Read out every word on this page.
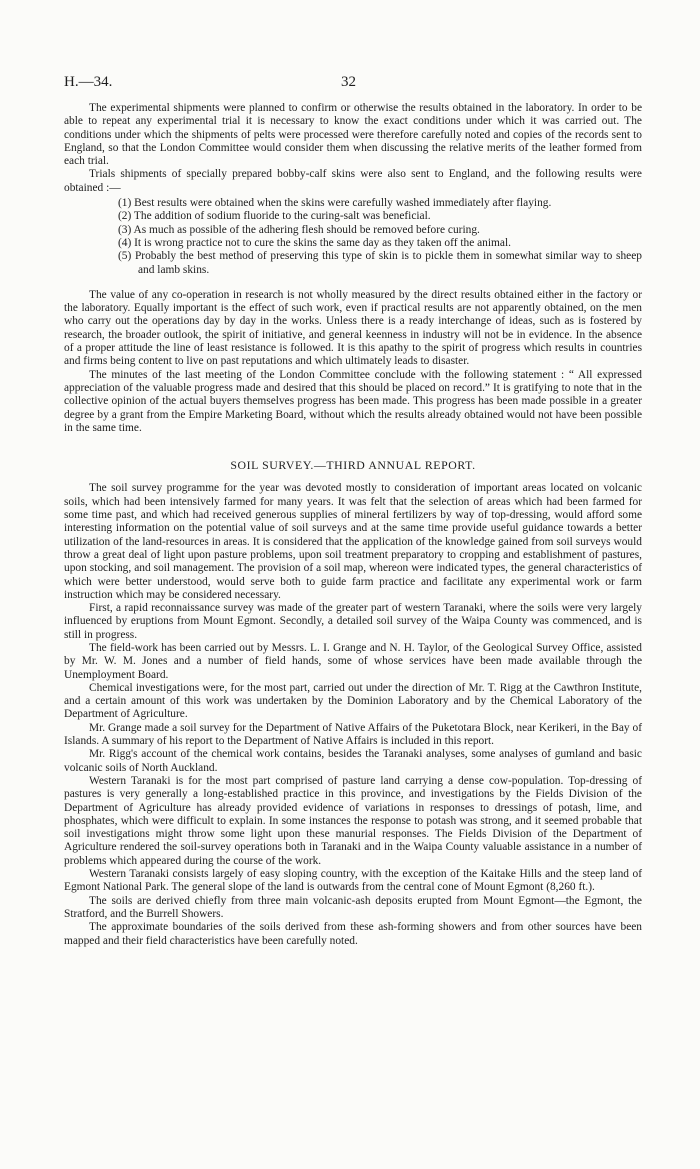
H.—34.	32

The experimental shipments were planned to confirm or otherwise the results obtained in the laboratory. In order to be able to repeat any experimental trial it is necessary to know the exact conditions under which it was carried out. The conditions under which the shipments of pelts were processed were therefore carefully noted and copies of the records sent to England, so that the London Committee would consider them when discussing the relative merits of the leather formed from each trial.

Trials shipments of specially prepared bobby-calf skins were also sent to England, and the following results were obtained :—

(1) Best results were obtained when the skins were carefully washed immediately after flaying.
(2) The addition of sodium fluoride to the curing-salt was beneficial.
(3) As much as possible of the adhering flesh should be removed before curing.
(4) It is wrong practice not to cure the skins the same day as they taken off the animal.
(5) Probably the best method of preserving this type of skin is to pickle them in somewhat similar way to sheep and lamb skins.

The value of any co-operation in research is not wholly measured by the direct results obtained either in the factory or the laboratory. Equally important is the effect of such work, even if practical results are not apparently obtained, on the men who carry out the operations day by day in the works. Unless there is a ready interchange of ideas, such as is fostered by research, the broader outlook, the spirit of initiative, and general keenness in industry will not be in evidence. In the absence of a proper attitude the line of least resistance is followed. It is this apathy to the spirit of progress which results in countries and firms being content to live on past reputations and which ultimately leads to disaster.

The minutes of the last meeting of the London Committee conclude with the following statement : “ All expressed appreciation of the valuable progress made and desired that this should be placed on record.” It is gratifying to note that in the collective opinion of the actual buyers themselves progress has been made. This progress has been made possible in a greater degree by a grant from the Empire Marketing Board, without which the results already obtained would not have been possible in the same time.

SOIL SURVEY.—THIRD ANNUAL REPORT.

The soil survey programme for the year was devoted mostly to consideration of important areas located on volcanic soils, which had been intensively farmed for many years. It was felt that the selection of areas which had been farmed for some time past, and which had received generous supplies of mineral fertilizers by way of top-dressing, would afford some interesting information on the potential value of soil surveys and at the same time provide useful guidance towards a better utilization of the land-resources in areas. It is considered that the application of the knowledge gained from soil surveys would throw a great deal of light upon pasture problems, upon soil treatment preparatory to cropping and establishment of pastures, upon stocking, and soil management. The provision of a soil map, whereon were indicated types, the general characteristics of which were better understood, would serve both to guide farm practice and facilitate any experimental work or farm instruction which may be considered necessary.

First, a rapid reconnaissance survey was made of the greater part of western Taranaki, where the soils were very largely influenced by eruptions from Mount Egmont. Secondly, a detailed soil survey of the Waipa County was commenced, and is still in progress.

The field-work has been carried out by Messrs. L. I. Grange and N. H. Taylor, of the Geological Survey Office, assisted by Mr. W. M. Jones and a number of field hands, some of whose services have been made available through the Unemployment Board.

Chemical investigations were, for the most part, carried out under the direction of Mr. T. Rigg at the Cawthron Institute, and a certain amount of this work was undertaken by the Dominion Laboratory and by the Chemical Laboratory of the Department of Agriculture.

Mr. Grange made a soil survey for the Department of Native Affairs of the Puketotara Block, near Kerikeri, in the Bay of Islands. A summary of his report to the Department of Native Affairs is included in this report.

Mr. Rigg's account of the chemical work contains, besides the Taranaki analyses, some analyses of gumland and basic volcanic soils of North Auckland.

Western Taranaki is for the most part comprised of pasture land carrying a dense cow-population. Top-dressing of pastures is very generally a long-established practice in this province, and investigations by the Fields Division of the Department of Agriculture has already provided evidence of variations in responses to dressings of potash, lime, and phosphates, which were difficult to explain. In some instances the response to potash was strong, and it seemed probable that soil investigations might throw some light upon these manurial responses. The Fields Division of the Department of Agriculture rendered the soil-survey operations both in Taranaki and in the Waipa County valuable assistance in a number of problems which appeared during the course of the work.

Western Taranaki consists largely of easy sloping country, with the exception of the Kaitake Hills and the steep land of Egmont National Park. The general slope of the land is outwards from the central cone of Mount Egmont (8,260 ft.).

The soils are derived chiefly from three main volcanic-ash deposits erupted from Mount Egmont—the Egmont, the Stratford, and the Burrell Showers.

The approximate boundaries of the soils derived from these ash-forming showers and from other sources have been mapped and their field characteristics have been carefully noted.
